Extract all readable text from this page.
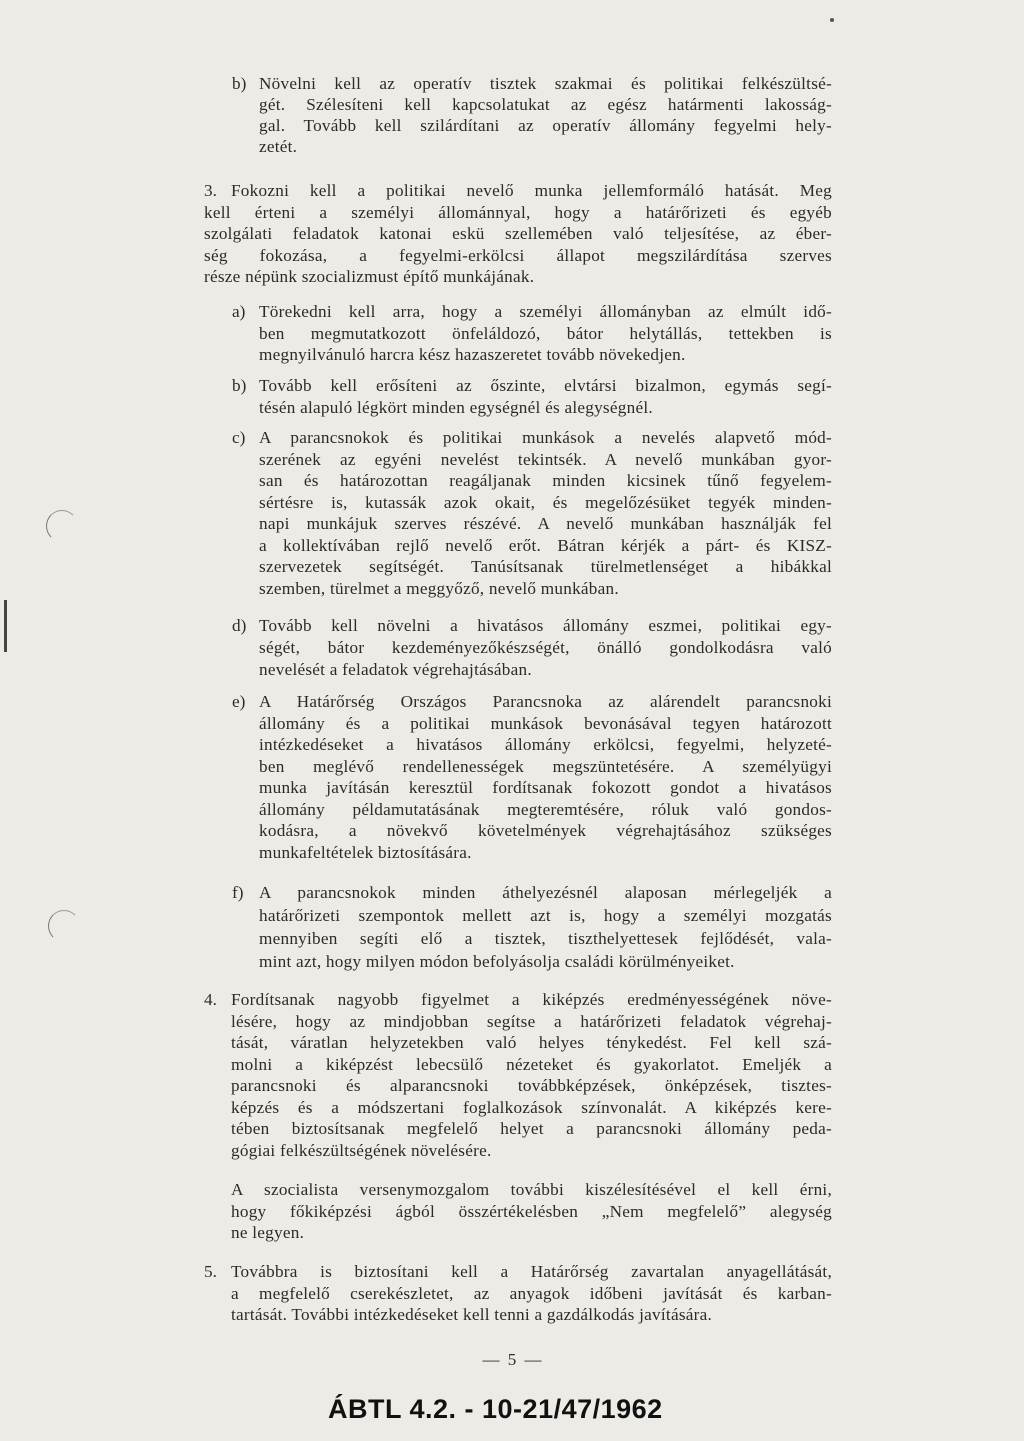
b) Növelni kell az operatív tisztek szakmai és politikai felkészültsé-
gét. Szélesíteni kell kapcsolatukat az egész határmenti lakosság-
gal. Tovább kell szilárdítani az operatív állomány fegyelmi hely-
zetét.
3. Fokozni kell a politikai nevelő munka jellemformáló hatását. Meg
kell érteni a személyi állománnyal, hogy a határőrizeti és egyéb
szolgálati feladatok katonai eskü szellemében való teljesítése, az éber-
ség fokozása, a fegyelmi-erkölcsi állapot megszilárdítása szerves
része népünk szocializmust építő munkájának.
a) Törekedni kell arra, hogy a személyi állományban az elmúlt idő-
ben megmutatkozott önfeláldozó, bátor helytállás, tettekben is
megnyilvánuló harcra kész hazaszeretet tovább növekedjen.
b) Tovább kell erősíteni az őszinte, elvtársi bizalmon, egymás segí-
tésén alapuló légkört minden egységnél és alegységnél.
c) A parancsnokok és politikai munkások a nevelés alapvető mód-
szerének az egyéni nevelést tekintsék. A nevelő munkában gyor-
san és határozottan reagáljanak minden kicsinek tűnő fegyelem-
sértésre is, kutassák azok okait, és megelőzésüket tegyék minden-
napi munkájuk szerves részévé. A nevelő munkában használják fel
a kollektívában rejlő nevelő erőt. Bátran kérjék a párt- és KISZ-
szervezetek segítségét. Tanúsítsanak türelmetlenséget a hibákkal
szemben, türelmet a meggyőző, nevelő munkában.
d) Tovább kell növelni a hivatásos állomány eszmei, politikai egy-
ségét, bátor kezdeményezőkészségét, önálló gondolkodásra való
nevelését a feladatok végrehajtásában.
e) A Határőrség Országos Parancsnoka az alárendelt parancsnoki
állomány és a politikai munkások bevonásával tegyen határozott
intézkedéseket a hivatásos állomány erkölcsi, fegyelmi, helyzeté-
ben meglévő rendellenességek megszüntetésére. A személyügyi
munka javításán keresztül fordítsanak fokozott gondot a hivatásos
állomány példamutatásának megteremtésére, róluk való gondos-
kodásra, a növekvő követelmények végrehajtásához szükséges
munkafeltételek biztosítására.
f) A parancsnokok minden áthelyezésnél alaposan mérlegeljék a
határőrizeti szempontok mellett azt is, hogy a személyi mozgatás
mennyiben segíti elő a tisztek, tiszthelyettesek fejlődését, vala-
mint azt, hogy milyen módon befolyásolja családi körülményeiket.
4. Fordítsanak nagyobb figyelmet a kiképzés eredményességének növe-
lésére, hogy az mindjobban segítse a határőrizeti feladatok végrehaj-
tását, váratlan helyzetekben való helyes ténykedést. Fel kell szá-
molni a kiképzést lebecsülő nézeteket és gyakorlatot. Emeljék a
parancsnoki és alparancsnoki továbbképzések, önképzések, tisztes-
képzés és a módszertani foglalkozások színvonalát. A kiképzés kere-
tében biztosítsanak megfelelő helyet a parancsnoki állomány peda-
gógiai felkészültségének növelésére.
A szocialista versenymozgalom további kiszélesítésével el kell érni,
hogy főkiképzési ágból összértékelésben „Nem megfelelő” alegység
ne legyen.
5. Továbbra is biztosítani kell a Határőrség zavartalan anyagellátását,
a megfelelő cserekészletet, az anyagok időbeni javítását és karban-
tartását. További intézkedéseket kell tenni a gazdálkodás javítására.
— 5 —
ÁBTL 4.2. - 10-21/47/1962
